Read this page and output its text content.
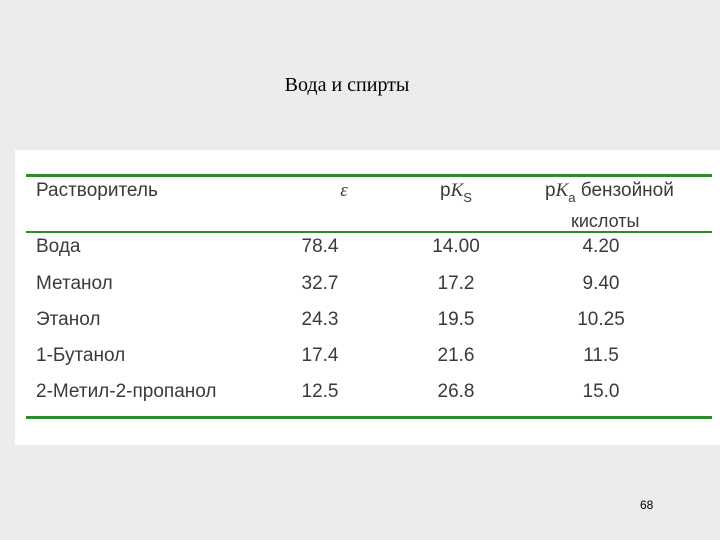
Вода и спирты
Растворитель	ε	$pK_S$	$pK_a$ бензойной
кислоты
Вода	78.4	14.00	4.20
Метанол	32.7	17.2	9.40
Этанол	24.3	19.5	10.25
1-Бутанол	17.4	21.6	11.5
2-Метил-2-пропанол	12.5	26.8	15.0
68
